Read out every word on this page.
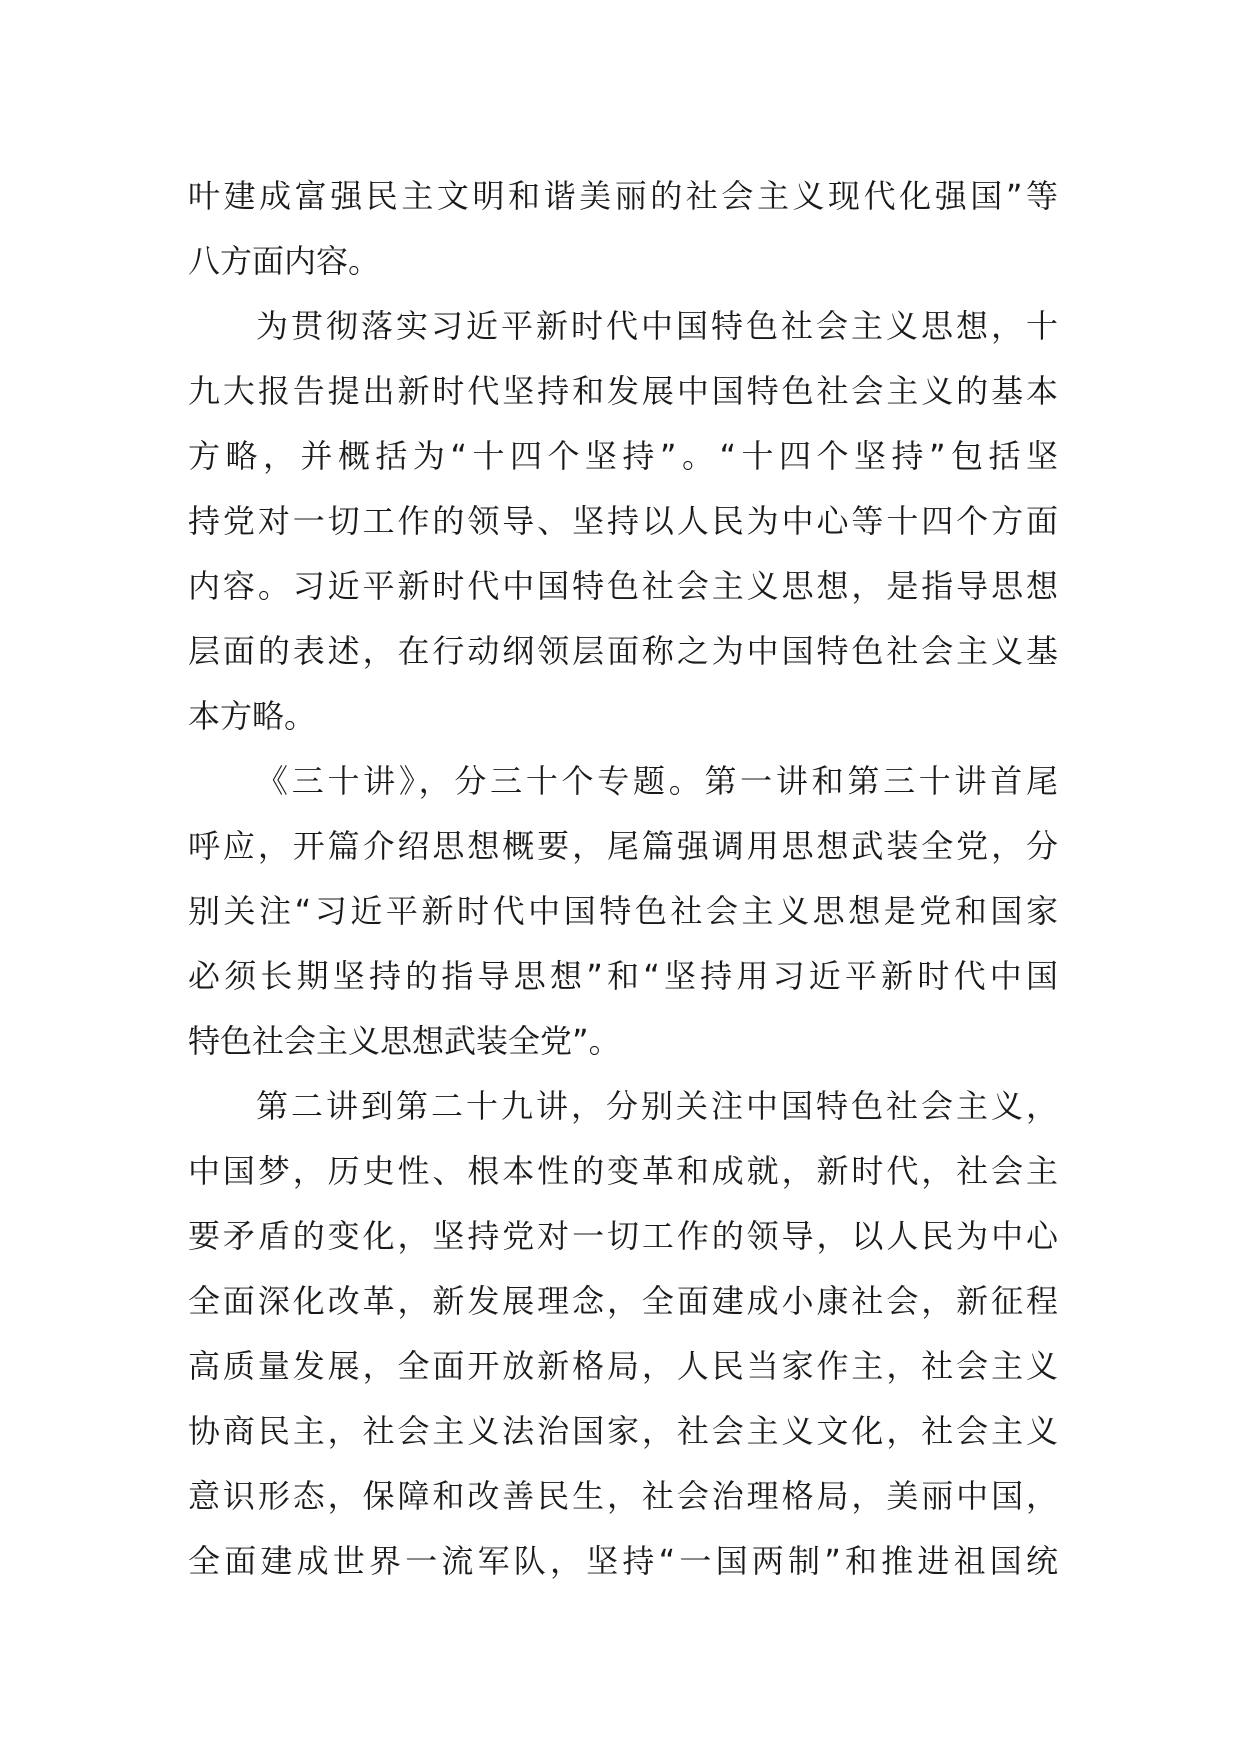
叶建成富强民主文明和谐美丽的社会主义现代化强国”等
八方面内容。
为贯彻落实习近平新时代中国特色社会主义思想，十
九大报告提出新时代坚持和发展中国特色社会主义的基本
方略，并概括为“十四个坚持”。“十四个坚持”包括坚
持党对一切工作的领导、坚持以人民为中心等十四个方面
内容。习近平新时代中国特色社会主义思想，是指导思想
层面的表述，在行动纲领层面称之为中国特色社会主义基
本方略。
《三十讲》，分三十个专题。第一讲和第三十讲首尾
呼应，开篇介绍思想概要，尾篇强调用思想武装全党，分
别关注“习近平新时代中国特色社会主义思想是党和国家
必须长期坚持的指导思想”和“坚持用习近平新时代中国
特色社会主义思想武装全党”。
第二讲到第二十九讲，分别关注中国特色社会主义，
中国梦，历史性、根本性的变革和成就，新时代，社会主
要矛盾的变化，坚持党对一切工作的领导，以人民为中心
全面深化改革，新发展理念，全面建成小康社会，新征程
高质量发展，全面开放新格局，人民当家作主，社会主义
协商民主，社会主义法治国家，社会主义文化，社会主义
意识形态，保障和改善民生，社会治理格局，美丽中国，
全面建成世界一流军队，坚持“一国两制”和推进祖国统
